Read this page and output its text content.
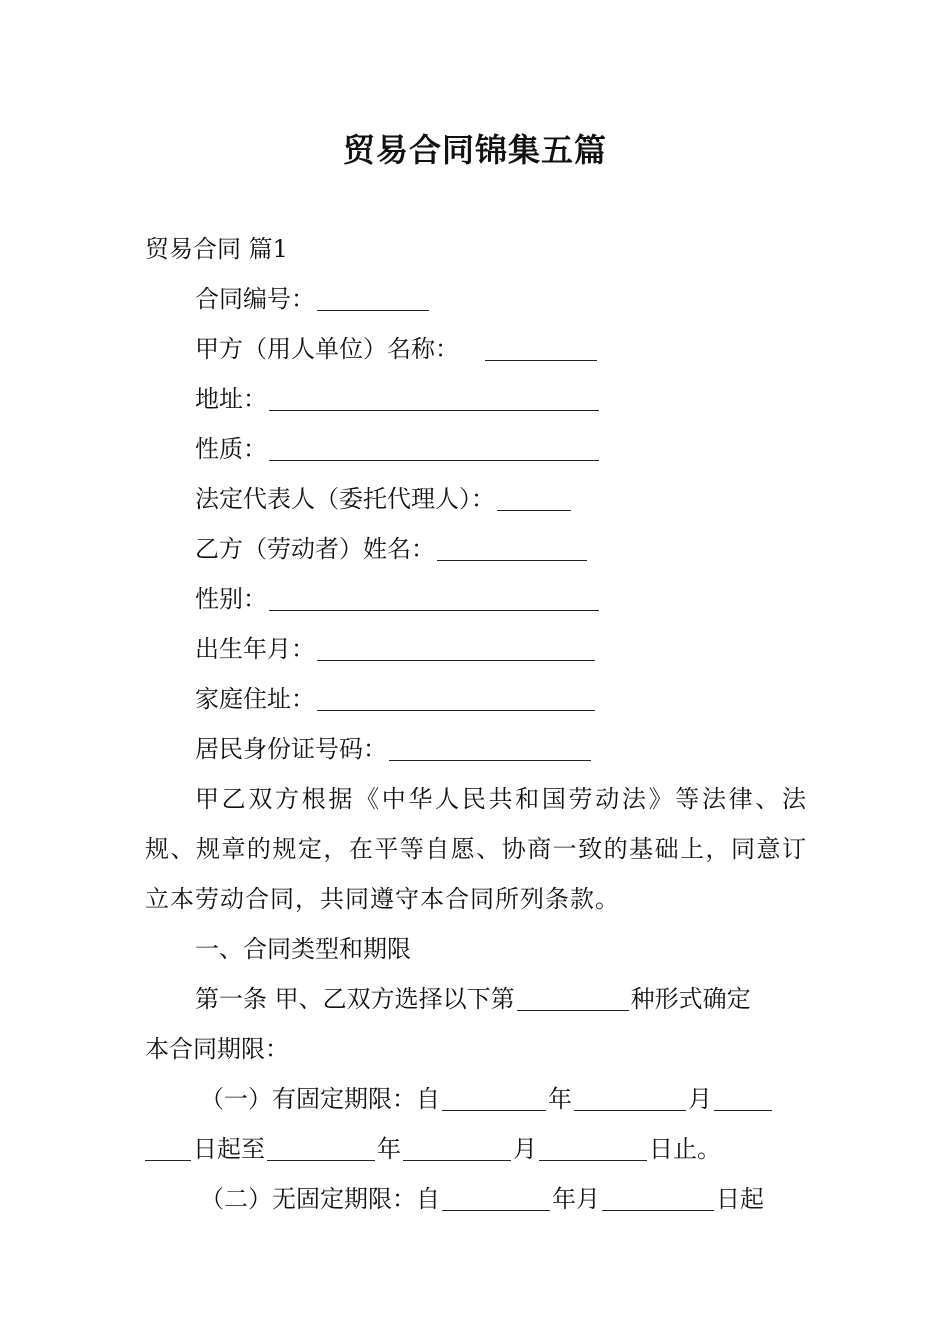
贸易合同锦集五篇
贸易合同 篇1
合同编号：
甲方（用人单位）名称：
地址：
性质：
法定代表人（委托代理人）：
乙方（劳动者）姓名：
性别：
出生年月：
家庭住址：
居民身份证号码：
甲乙双方根据《中华人民共和国劳动法》等法律、法规、规章的规定，在平等自愿、协商一致的基础上，同意订立本劳动合同，共同遵守本合同所列条款。
一、合同类型和期限
第一条 甲、乙双方选择以下第	种形式确定
本合同期限：
（一）有固定期限：自	年	月
日起至	年	月	日止。
（二）无固定期限：自	年月	日起
